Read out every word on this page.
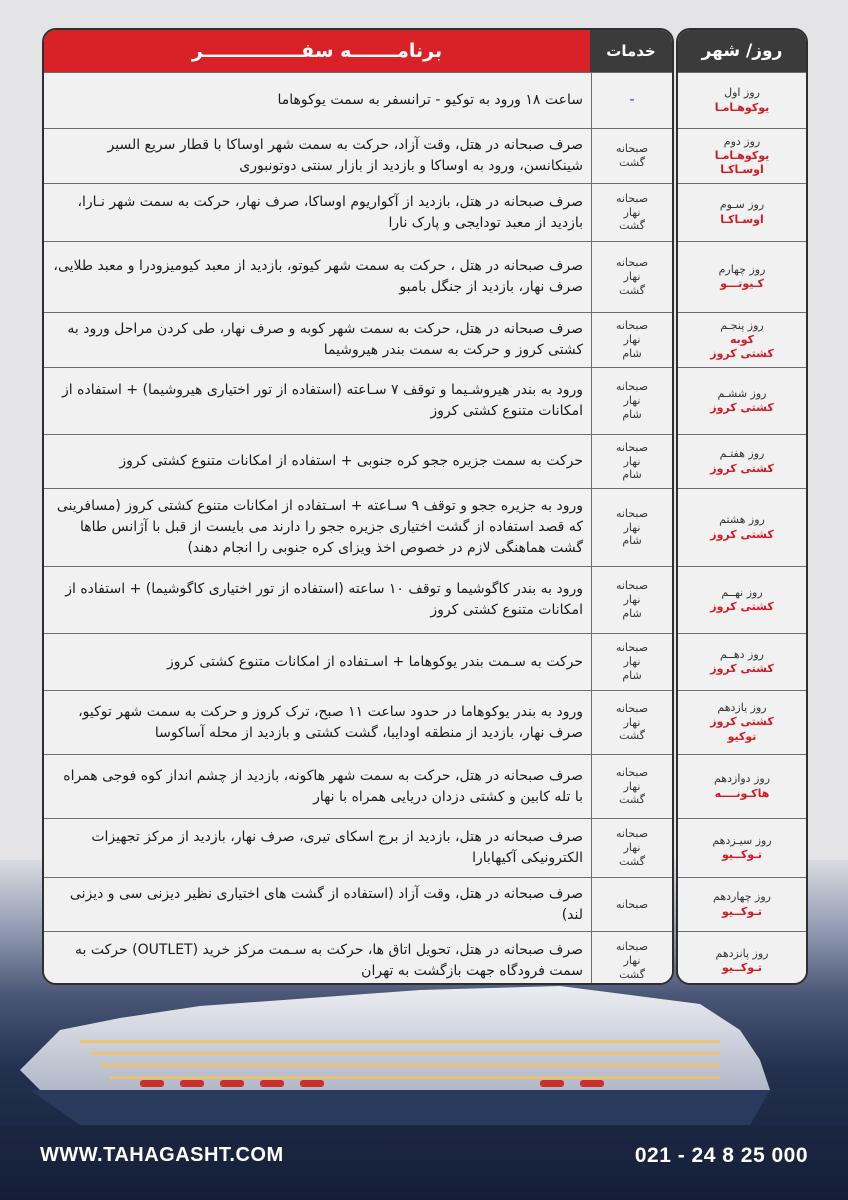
خدمات
برنامـــــــه سفـــــــــــــــر
-
ساعت ۱۸ ورود به توکیو - ترانسفر به سمت یوکوهاما
صبحانه
گشت
صرف صبحانه در هتل، وقت آزاد، حرکت به سمت شهر اوساکا با قطار سریع السیر شینکانسن، ورود به اوساکا و بازدید از بازار سنتی دوتونبوری
صبحانه
نهار
گشت
صرف صبحانه در هتل، بازدید از آکواریوم اوساکا، صرف نهار، حرکت به سمت شهر نـارا، بازدید از معبد تودایجی و پارک نارا
صبحانه
نهار
گشت
صرف صبحانه در هتل ، حرکت به سمت شهر کیوتو، بازدید از معبد کیومیزودرا و معبد طلایی، صرف نهار، بازدید از جنگل بامبو
صبحانه
نهار
شام
صرف صبحانه در هتل، حرکت به سمت شهر کوبه و صرف نهار، طی کردن مراحل ورود به کشتی کروز و حرکت به سمت بندر هیروشیما
صبحانه
نهار
شام
ورود به بندر هیروشـیما و توقف ۷ سـاعته (استفاده از تور اختیاری هیروشیما) + استفاده از امکانات متنوع کشتی کروز
صبحانه
نهار
شام
حرکت به سمت جزیره ججو کره جنوبی + استفاده از امکانات متنوع کشتی کروز
صبحانه
نهار
شام
ورود به جزیره ججو و توقف ۹ سـاعته + اسـتفاده از امکانات متنوع کشتی کروز (مسافرینی که قصد استفاده از گشت اختیاری جزیره ججو را دارند می بایست از قبل با آژانس طاها گشت هماهنگی لازم در خصوص اخذ ویزای کره جنوبی را انجام دهند)
صبحانه
نهار
شام
ورود به بندر کاگوشیما و توقف ۱۰ ساعته (استفاده از تور اختیاری کاگوشیما) + استفاده از امکانات متنوع کشتی کروز
صبحانه
نهار
شام
حرکت به سـمت بندر یوکوهاما + اسـتفاده از امکانات متنوع کشتی کروز
صبحانه
نهار
گشت
ورود به بندر یوکوهاما در حدود ساعت ۱۱ صبح، ترک کروز و حرکت به سمت شهر توکیو، صرف نهار، بازدید از منطقه اودایبا، گشت کشتی و بازدید از محله آساکوسا
صبحانه
نهار
گشت
صرف صبحانه در هتل، حرکت به سمت شهر هاکونه، بازدید از چشم انداز کوه فوجی همراه با تله کابین و کشتی دزدان دریایی همراه با نهار
صبحانه
نهار
گشت
صرف صبحانه در هتل، بازدید از برج اسکای تیری، صرف نهار، بازدید از مرکز تجهیزات الکترونیکی آکیهابارا
صبحانه
صرف صبحانه در هتل، وقت آزاد (استفاده از گشت های اختیاری نظیر دیزنی سی و دیزنی لند)
صبحانه
نهار
گشت
صرف صبحانه در هتل، تحویل اتاق ها، حرکت به سـمت مرکز خرید (OUTLET) حرکت به سمت فرودگاه جهت بازگشت به تهران
روز/ شهر
روز اول
یوکوهـامـا
روز دوم
یوکوهـامـا
اوسـاکـا
روز سـوم
اوسـاکـا
روز چهارم
کـیوتـــو
روز پنجـم
کوبه
کشتی کروز
روز ششـم
کشتی کروز
روز هفتـم
کشتی کروز
روز هشتم
کشتی کروز
روز نهــم
کشتی کروز
روز دهــم
کشتی کروز
روز یازدهم
کشتی کروز
توکیو
روز دوازدهم
هاکـونــــه
روز سیـزدهم
تـوکــیو
روز چهاردهم
تـوکــیو
روز پانزدهم
تـوکــیو
WWW.TAHAGASHT.COM	021 - 24 8 25 000
